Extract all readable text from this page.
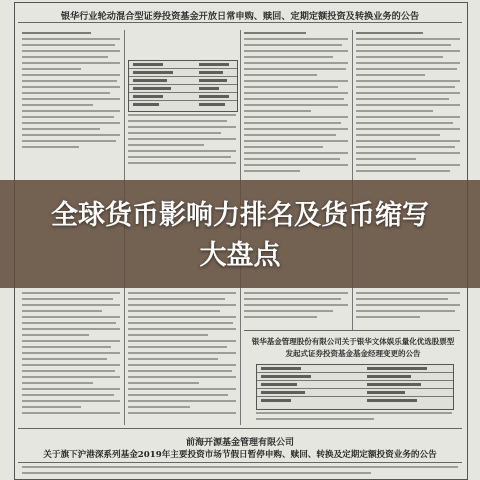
银华行业轮动混合型证券投资基金开放日常申购、赎回、定期定额投资及转换业务的公告
全球货币影响力排名及货币缩写大盘点
银华基金管理股份有限公司关于银华文体娱乐量化优选股票型发起式证券投资基金基金经理变更的公告
前海开源基金管理有限公司
关于旗下沪港深系列基金2019年主要投资市场节假日暂停申购、赎回、转换及定期定额投资业务的公告
